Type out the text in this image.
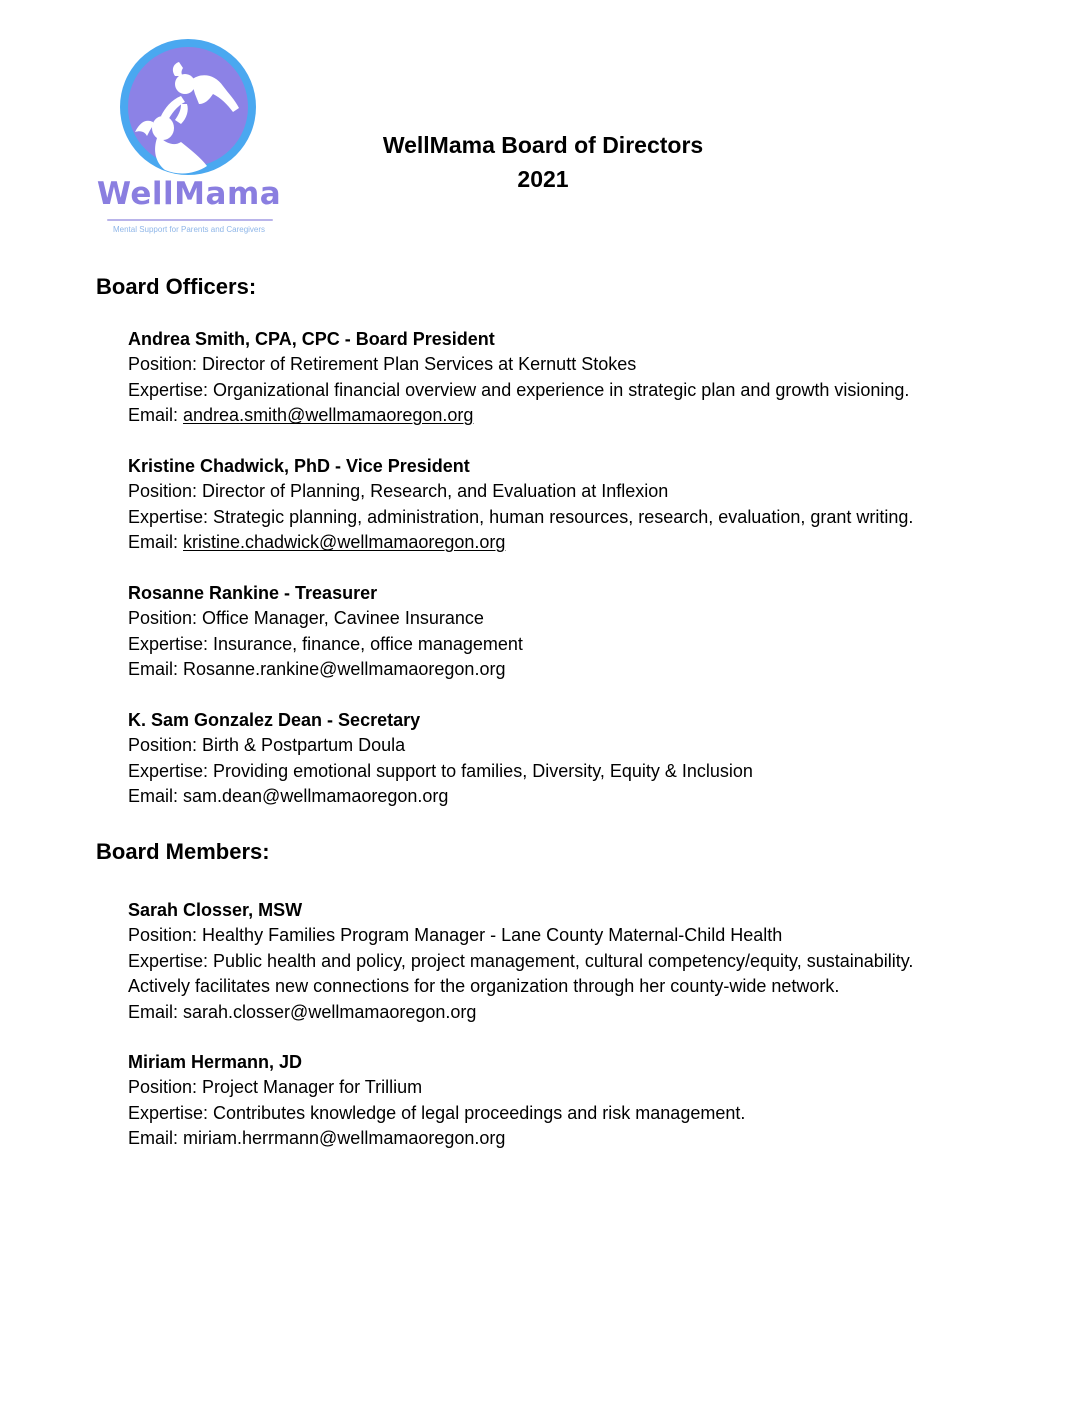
WellMama
Mental Support for Parents and Caregivers
WellMama Board of Directors
2021
Board Officers:
Andrea Smith, CPA, CPC - Board President
Position: Director of Retirement Plan Services at Kernutt Stokes
Expertise: Organizational financial overview and experience in strategic plan and growth visioning.
Email: andrea.smith@wellmamaoregon.org
Kristine Chadwick, PhD - Vice President
Position: Director of Planning, Research, and Evaluation at Inflexion
Expertise: Strategic planning, administration, human resources, research, evaluation, grant writing.
Email: kristine.chadwick@wellmamaoregon.org
Rosanne Rankine - Treasurer
Position: Office Manager, Cavinee Insurance
Expertise: Insurance, finance, office management
Email: Rosanne.rankine@wellmamaoregon.org
K. Sam Gonzalez Dean - Secretary
Position: Birth & Postpartum Doula
Expertise: Providing emotional support to families, Diversity, Equity & Inclusion
Email: sam.dean@wellmamaoregon.org
Board Members:
Sarah Closser, MSW
Position: Healthy Families Program Manager - Lane County Maternal-Child Health
Expertise: Public health and policy, project management, cultural competency/equity, sustainability.
Actively facilitates new connections for the organization through her county-wide network.
Email: sarah.closser@wellmamaoregon.org
Miriam Hermann, JD
Position: Project Manager for Trillium
Expertise: Contributes knowledge of legal proceedings and risk management.
Email: miriam.herrmann@wellmamaoregon.org
